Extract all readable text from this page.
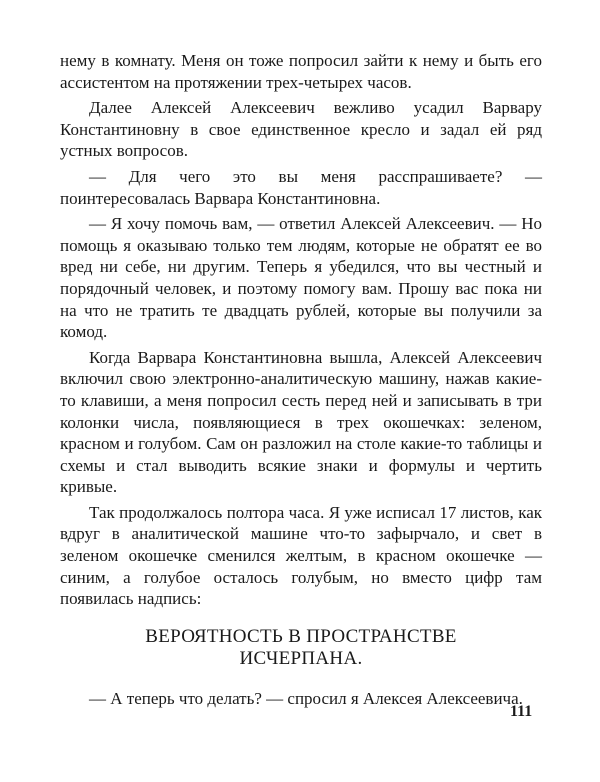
нему в комнату. Меня он тоже попросил зайти к нему и быть его ассистентом на протяжении трех-четырех часов.

Далее Алексей Алексеевич вежливо усадил Варвару Константиновну в свое единственное кресло и задал ей ряд устных вопросов.

— Для чего это вы меня расспрашиваете? — поинтересовалась Варвара Константиновна.

— Я хочу помочь вам, — ответил Алексей Алексеевич. — Но помощь я оказываю только тем людям, которые не обратят ее во вред ни себе, ни другим. Теперь я убедился, что вы честный и порядочный человек, и поэтому помогу вам. Прошу вас пока ни на что не тратить те двадцать рублей, которые вы получили за комод.

Когда Варвара Константиновна вышла, Алексей Алексеевич включил свою электронно-аналитическую машину, нажав какие-то клавиши, а меня попросил сесть перед ней и записывать в три колонки числа, появляющиеся в трех окошечках: зеленом, красном и голубом. Сам он разложил на столе какие-то таблицы и схемы и стал выводить всякие знаки и формулы и чертить кривые.

Так продолжалось полтора часа. Я уже исписал 17 листов, как вдруг в аналитической машине что-то зафырчало, и свет в зеленом окошечке сменился желтым, в красном окошечке — синим, а голубое осталось голубым, но вместо цифр там появилась надпись:

ВЕРОЯТНОСТЬ В ПРОСТРАНСТВЕ
ИСЧЕРПАНА.

— А теперь что делать? — спросил я Алексея Алексеевича.

111
